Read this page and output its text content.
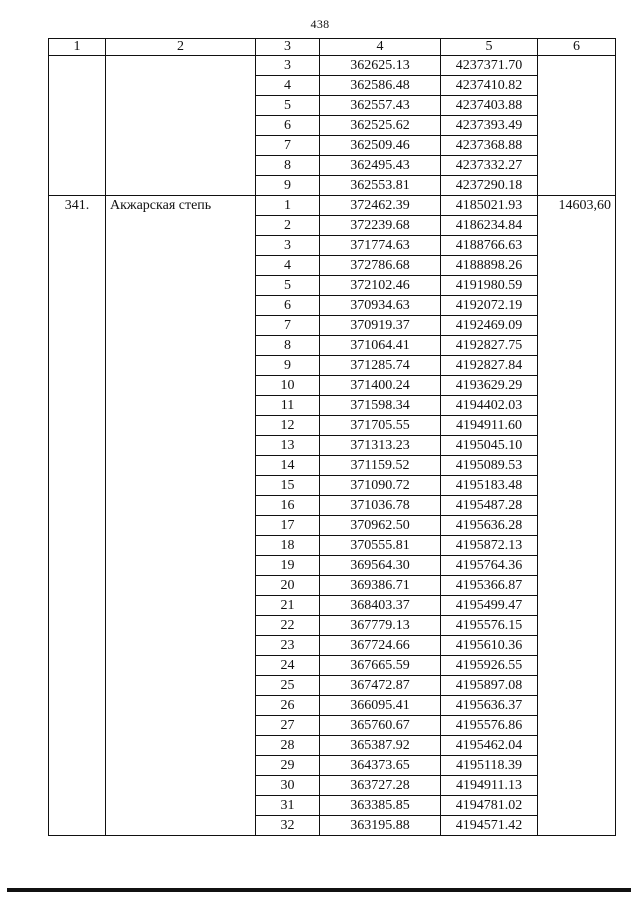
438
1	2	3	4	5	6
		3	362625.13	4237371.70	
		4	362586.48	4237410.82	
		5	362557.43	4237403.88	
		6	362525.62	4237393.49	
		7	362509.46	4237368.88	
		8	362495.43	4237332.27	
		9	362553.81	4237290.18	
341.	Акжарская степь	1	372462.39	4185021.93	14603,60
		2	372239.68	4186234.84	
		3	371774.63	4188766.63	
		4	372786.68	4188898.26	
		5	372102.46	4191980.59	
		6	370934.63	4192072.19	
		7	370919.37	4192469.09	
		8	371064.41	4192827.75	
		9	371285.74	4192827.84	
		10	371400.24	4193629.29	
		11	371598.34	4194402.03	
		12	371705.55	4194911.60	
		13	371313.23	4195045.10	
		14	371159.52	4195089.53	
		15	371090.72	4195183.48	
		16	371036.78	4195487.28	
		17	370962.50	4195636.28	
		18	370555.81	4195872.13	
		19	369564.30	4195764.36	
		20	369386.71	4195366.87	
		21	368403.37	4195499.47	
		22	367779.13	4195576.15	
		23	367724.66	4195610.36	
		24	367665.59	4195926.55	
		25	367472.87	4195897.08	
		26	366095.41	4195636.37	
		27	365760.67	4195576.86	
		28	365387.92	4195462.04	
		29	364373.65	4195118.39	
		30	363727.28	4194911.13	
		31	363385.85	4194781.02	
		32	363195.88	4194571.42	
